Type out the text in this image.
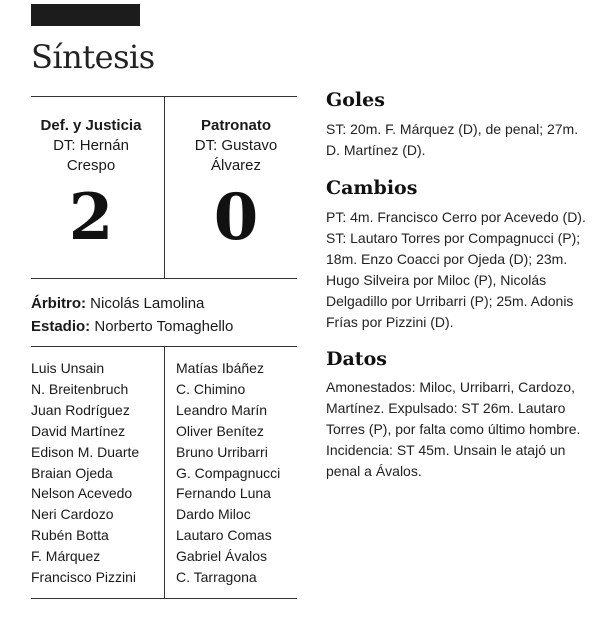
Síntesis
Def. y Justicia
DT: Hernán Crespo
Patronato
DT: Gustavo Álvarez
2	0
Árbitro: Nicolás Lamolina
Estadio: Norberto Tomaghello
Luis Unsain
N. Breitenbruch
Juan Rodríguez
David Martínez
Edison M. Duarte
Braian Ojeda
Nelson Acevedo
Neri Cardozo
Rubén Botta
F. Márquez
Francisco Pizzini
Matías Ibáñez
C. Chimino
Leandro Marín
Oliver Benítez
Bruno Urribarri
G. Compagnucci
Fernando Luna
Dardo Miloc
Lautaro Comas
Gabriel Ávalos
C. Tarragona
Goles

ST: 20m. F. Márquez (D), de penal; 27m. D. Martínez (D).

Cambios

PT: 4m. Francisco Cerro por Acevedo (D). ST: Lautaro Torres por Compagnucci (P); 18m. Enzo Coacci por Ojeda (D); 23m. Hugo Silveira por Miloc (P), Nicolás Delgadillo por Urribarri (P); 25m. Adonis Frías por Pizzini (D).

Datos

Amonestados: Miloc, Urribarri, Cardozo, Martínez. Expulsado: ST 26m. Lautaro Torres (P), por falta como último hombre. Incidencia: ST 45m. Unsain le atajó un penal a Ávalos.
